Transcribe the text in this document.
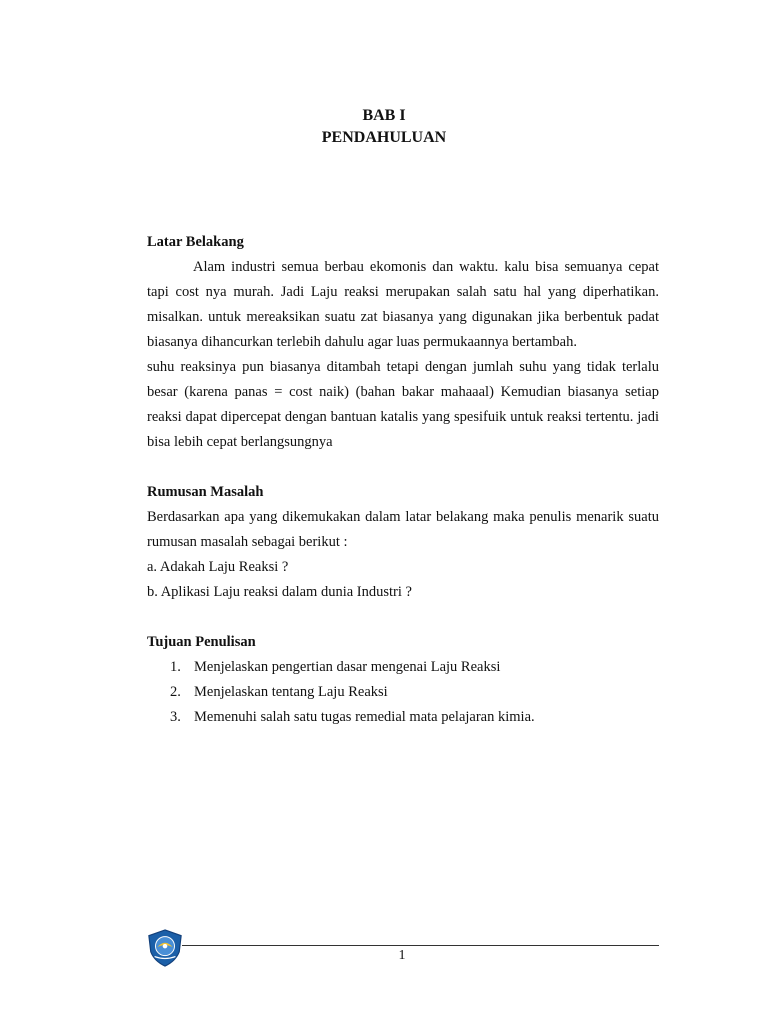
BAB I
PENDAHULUAN
Latar Belakang

Alam industri semua berbau ekomonis dan waktu. kalu bisa semuanya cepat tapi cost nya murah. Jadi Laju reaksi merupakan salah satu hal yang diperhatikan. misalkan. untuk mereaksikan suatu zat biasanya yang digunakan jika berbentuk padat biasanya dihancurkan terlebih dahulu agar luas permukaannya bertambah.

suhu reaksinya pun biasanya ditambah tetapi dengan jumlah suhu yang tidak terlalu besar (karena panas = cost naik) (bahan bakar mahaaal) Kemudian biasanya setiap reaksi dapat dipercepat dengan bantuan katalis yang spesifuik untuk reaksi tertentu. jadi bisa lebih cepat berlangsungnya

Rumusan Masalah

Berdasarkan apa yang dikemukakan dalam latar belakang maka penulis menarik suatu rumusan masalah sebagai berikut :

a. Adakah Laju Reaksi ?

b. Aplikasi Laju reaksi dalam dunia Industri ?

Tujuan Penulisan
1. Menjelaskan pengertian dasar mengenai Laju Reaksi
2. Menjelaskan tentang Laju Reaksi
3. Memenuhi salah satu tugas remedial mata pelajaran kimia.
1
